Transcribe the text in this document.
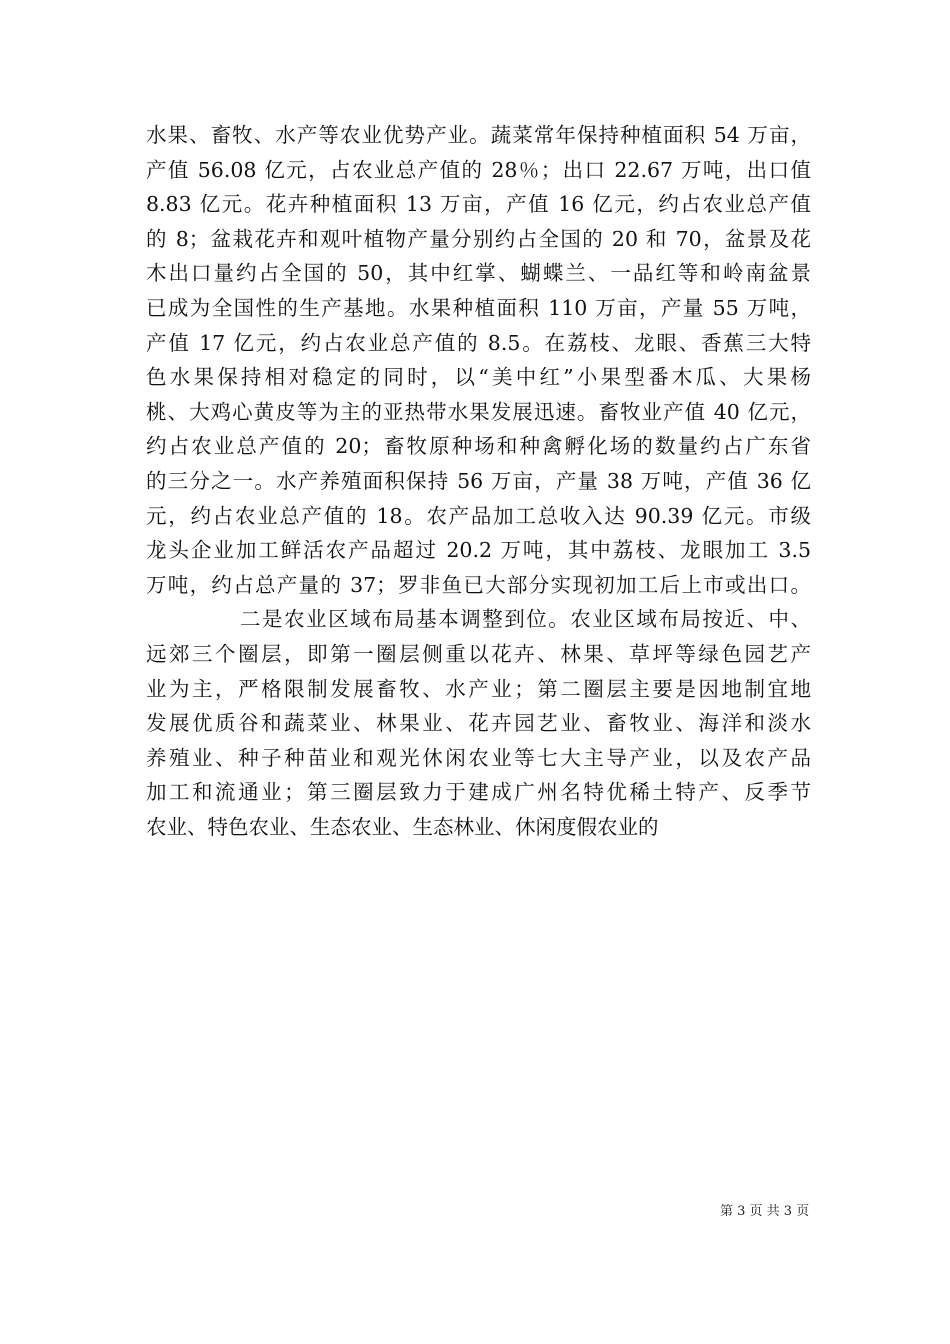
水果、畜牧、水产等农业优势产业。蔬菜常年保持种植面积 54 万亩，
产值 56.08 亿元，占农业总产值的 28％；出口 22.67 万吨，出口值
8.83 亿元。花卉种植面积 13 万亩，产值 16 亿元，约占农业总产值
的 8；盆栽花卉和观叶植物产量分别约占全国的 20 和 70，盆景及花
木出口量约占全国的 50，其中红掌、蝴蝶兰、一品红等和岭南盆景
已成为全国性的生产基地。水果种植面积 110 万亩，产量 55 万吨，
产值 17 亿元，约占农业总产值的 8.5。在荔枝、龙眼、香蕉三大特
色水果保持相对稳定的同时，以“美中红”小果型番木瓜、大果杨
桃、大鸡心黄皮等为主的亚热带水果发展迅速。畜牧业产值 40 亿元，
约占农业总产值的 20；畜牧原种场和种禽孵化场的数量约占广东省
的三分之一。水产养殖面积保持 56 万亩，产量 38 万吨，产值 36 亿
元，约占农业总产值的 18。农产品加工总收入达 90.39 亿元。市级
龙头企业加工鲜活农产品超过 20.2 万吨，其中荔枝、龙眼加工 3.5
万吨，约占总产量的 37；罗非鱼已大部分实现初加工后上市或出口。
二是农业区域布局基本调整到位。农业区域布局按近、中、
远郊三个圈层，即第一圈层侧重以花卉、林果、草坪等绿色园艺产
业为主，严格限制发展畜牧、水产业；第二圈层主要是因地制宜地
发展优质谷和蔬菜业、林果业、花卉园艺业、畜牧业、海洋和淡水
养殖业、种子种苗业和观光休闲农业等七大主导产业，以及农产品
加工和流通业；第三圈层致力于建成广州名特优稀土特产、反季节
农业、特色农业、生态农业、生态林业、休闲度假农业的
第 3 页 共 3 页
